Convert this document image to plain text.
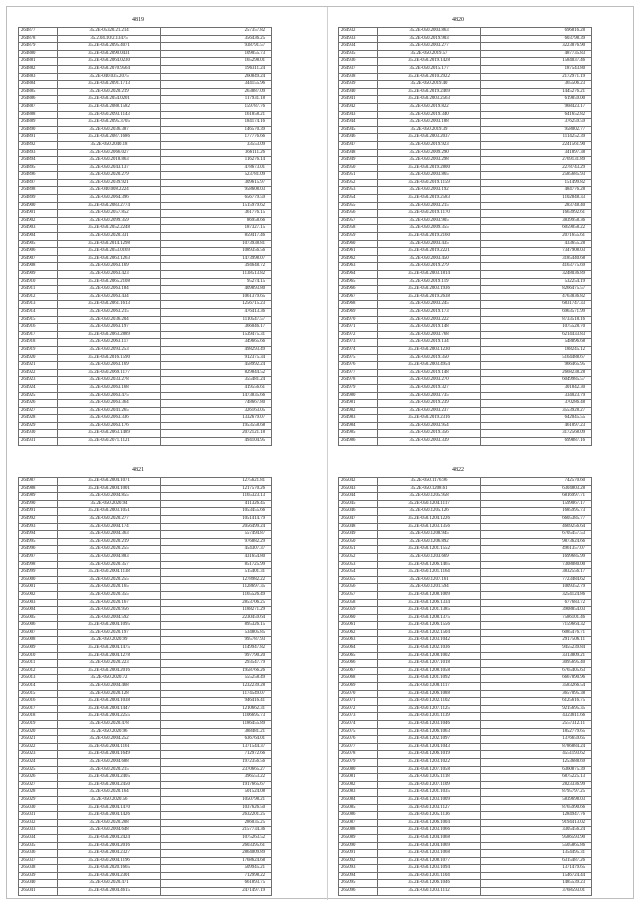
4819
264877	35.2E-05320.21.214	257357.82
264878	35.2.04.10/2.13475	356436.25
264879	35.2E-050.2095.4071	938791.57
264880	35.2E-050.2090.0431	109055.73
264881	35.2E-050.2064.0230	165298.01
264882	35.2E-050.2070.9564	196311.24
264883	35.2E-040.035.2075	260849.24
264884	35.2E-050.2091.1713	344155.96
264885	35.2E-050.2020.219	263887.09
264886	35.2E-050.2054.0201	117931.18
264887	35.2E-050.2088.1582	159787.76
264888	35.2E-050.2093.1143	161858.21
264889	35.2E-050.2095.3705	184174.16
264890	35.2E-050.2036.387	146570.39
264891	35.2E-050.2087.1686	177776.66
264892	35.2E-050.2040.18	33553.09
264893	35.2E-050.2066.027	366111.26
264894	35.2E-050.2018.863	116276.14
264895	35.2E-050.2043.137	478673.01
264896	35.2E-050.2020.279	523781.09
264897	35.2E-050.2039.921	309615.97
264898	35.2E-040.008.2224	958608.03
264899	35.2E-050.2064.396	656779.59
264900	35.2E-050.2083.2774	1515979.62
264901	35.2E-050.2057.852	361776.15
264902	35.2E-050.2099.359	86958.66
264903	35.2E-050.2052.2248	187327.15
264904	35.2E-050.2020.331	859417.46
264905	35.2E-050.2014.1298	1073938.81
264906	35.2E-050.2053.0169	1089356.56
264907	35.2E-050.2063.1263	1473998.07
264908	35.2E-050.2063.169	394648.72
264909	35.2E-050.2063.423	1138513.82
264910	35.2E-050.2065.2108	95274.15
264911	35.2E-050.2063.184	409893.80
264912	35.2E-050.2063.434	1061379.65
264913	35.2E-050.2061.1613	1256715.23
264914	35.2E-050.2063.215	476413.36
264915	35.2E-050.2036.204	1110547.57
264916	35.2E-050.2063.197	366046.17
264917	35.2E-050.2063.2889	1539475.31
264918	35.2E-050.2063.117	349665.66
264919	35.2E-050.2093.253	498293.49
264920	35.2E-050.2016.1590	912375.34
264921	35.2E-050.2063.169	458992.24
264922	35.2E-050.2069.1177	829844.52
264923	35.2E-050.2033.278	355481.24
264924	35.2E-050.2063.168	419556.61
264925	35.2E-050.2063.475	1473835.66
264926	35.2E-050.2063.364	748667.80
264927	35.2E-050.2041.265	326163.05
264928	35.2E-050.2063.336	1332679.07
264929	35.2E-050.2063.176	1953558.68
264930	35.2E-050.2063.1489	2072121.18
264931	35.2E-050.2071.1121	494104.95
4820
264932	35.2E-050.2003.863	696816.28
264933	35.2E-050.2019.903	603798.39
264934	35.2E-050.2003.277	3223876.90
264935	35.2E-050.2019.57	487735.83
264936	35.2E-050.2019.1428	1584037.46
264937	35.2E-050.2015.177	187543.80
264938	35.2E-050.2010.2922	2172971.19
264939	35.2E-050.2019.40	365506.23
264940	35.2E-050.2019.2469	1445276.21
264941	35.2E-050.2003.2563	619859.00
264942	35.2E-050.2019.822	968423.17
264943	35.2E-050.2019.340	641652.82
264944	35.2E-050.2003.188	376259.59
264945	35.2E-050.2019.39	958002.77
264946	35.2E-050.2003.2037	1114252.39
264947	35.2E-050.2019.923	2241561.90
264948	35.2E-050.2009.290	341897.38
264949	35.2E-050.2003.298	2769131.89
264950	35.2E-050.2019.2800	2278743.29
264951	35.2E-050.2003.865	2585685.93
264952	35.2E-050.2019.1159	151499.82
264953	35.2E-050.2003.192	484776.28
264954	35.2E-050.2019.2583	1102848.33
264955	35.2E-050.2003.215	283748.40
264956	35.2E-050.2019.1170	1663992.61
264957	35.2E-050.2003.905	3839958.36
264958	35.2E-050.2009.355	6059058.22
264959	35.2E-050.2019.2160	2071655.61
264960	35.2E-050.2003.435	433655.28
264961	35.2E-050.2019.2221	7347908.03
264962	35.2E-050.2003.450	3185440.68
264963	35.2E-050.2019.279	4163775.69
264964	35.2E-050.2003.1814	3248036.89
264965	35.2E-050.2019.119	532254.19
264966	35.2E-050.2003.1936	8266475.57
264967	35.2E-050.2019.2638	4763836.82
264968	35.2E-050.2003.245	6831747.33
264969	35.2E-050.2019.173	6963571.99
264970	35.2E-050.2003.222	8733518.16
264971	35.2E-050.2019.148	1075528.70
264972	35.2E-050.2003.768	6214433.83
264973	35.2E-050.2019.134	548896.68
264974	35.2E-050.2003.1230	188245.12
264975	35.2E-050.2019.350	5164488.67
264976	35.2E-050.2003.4954	966465.95
264977	35.2E-050.2019.148	2668238.28
264978	35.2E-050.2003.270	6049985.57
264979	35.2E-050.2019.327	301842.30
264980	35.2E-050.2003.735	334023.79
264981	35.2E-050.2019.239	370286.48
264982	35.2E-050.2003.237	3553928.27
264983	35.2E-050.2019.2316	642045.55
264984	35.2E-050.2003.954	461097.23
264985	35.2E-050.2019.356	3172568.09
264986	35.2E-050.2003.339	699887.16
4821
264987	35.2E-050.2004.1071	1275621.81
264988	35.2E-050.2004.1001	1217570.26
264989	35.2E-050.2004.855	1165323.13
264990	35.2E-050.2020.94	411326.45
264991	35.2E-050.2003.1051	1053455.66
264992	35.2E-050.2020.277	1051414.79
264993	35.2E-050.2004.174	2056499.24
264994	35.2E-050.2004.363	557494.87
264995	35.2E-050.2020.219	976882.29
264996	35.2E-050.2020.255	454307.37
264997	35.2E-050.2004.883	431654.80
264998	35.2E-050.2020.357	851725.99
264999	35.2E-050.2004.1138	515401.31
265000	35.2E-050.2020.255	1278982.22
265001	35.2E-050.2020.165	1128697.35
265002	35.2E-050.2020.355	1165526.49
265003	35.2E-050.2020.167	2853706.25
265004	35.2E-050.2020.956	1188271.29
265005	35.2E-050.2004.592	2230459.64
265006	35.2E-050.2004.1095	895326.15
265007	35.2E-050.2020.197	534805.85
265008	35.2E-050.2020.99	995787.93
265009	35.2E-050.2004.1475	1149947.82
265010	35.2E-050.2004.1278	997790.20
265011	35.2E-050.2020.223	293547.79
265012	35.2E-050.2004.2016	1958766.26
265013	35.2E-050.2020.72	555258.49
265014	35.2E-050.2004.468	1232239.28
265015	35.2E-050.2020.128	1174549.07
265016	35.2E-050.2004.1038	946416.41
265017	35.2E-050.2004.1447	1210662.31
265018	35.2E-050.2004.2255	1106695.73
265019	35.2E-050.2020.478	1186455.89
265020	35.2E-050.2020.96	388481.21
265021	35.2E-050.2004.252	636764.01
265022	35.2E-050.2004.1161	1371544.37
265023	35.2E-050.2004.1649	712972.66
265024	35.2E-050.2004.688	1972356.56
265025	35.2E-050.2020.215	2370665.27
265026	35.2E-050.2004.2405	396553.22
265027	35.2E-050.2004.2450	1917665.67
265028	35.2E-050.2020.164	501524.08
265029	35.2E-050.2020.56	1050798.21
265030	35.2E-050.2004.1470	1037626.50
265031	35.2E-050.2004.1426	2632201.25
265032	35.2E-050.2020.208	286035.25
265033	35.2E-050.2004.648	2157734.36
265034	35.2E-050.2004.2424	1075263.52
265035	35.2E-050.2004.2016	2603395.61
265036	35.2E-050.2004.2327	2864009.89
265037	35.2E-050.2004.1196	1768624.68
265038	35.2E-050.2020.1665	509945.21
265039	35.2E-050.2004.2301	712998.22
265040	35.2E-050.2020.471	661893.75
265041	35.2E-050.2004.4615	2471497.19
4822
265042	35.2E-050.1176.96	742570.60
265043	35.2E-050.1208.61	6304803.28
265044	35.2E-050.1205.958	6816997.71
265045	35.2E-050.1204.1117	1599067.17
265046	35.2E-050.1205.126	1685995.73
265047	35.2E-050.1204.1226	6605385.77
265048	35.2E-050.1203.1356	4669256.64
265049	35.2E-050.1208.945	6705457.53
265050	35.2E-050.1206.892	9873624.66
265051	35.2E-050.1201.1552	4961357.07
265052	35.2E-050.1203.669	1699685.99
265053	35.2E-050.1206.1465	7308080.00
265054	35.2E-050.1201.1164	3832556.17
265055	35.2E-050.1207.161	7723484.62
265056	35.2E-050.1201.594	1009352.79
265057	35.2E-050.1208.1009	3254124.86
265058	35.2E-050.1206.1334	677683.72
265059	35.2E-050.1201.1385	3908854.03
265060	35.2E-050.1208.1375	7586101.46
265061	35.2E-050.1206.1556	7159664.32
265062	35.2E-050.1202.1504	6085476.71
265063	35.2E-050.1203.1042	2917506.11
265064	35.2E-050.1202.1036	9455239.84
265065	35.2E-050.1208.1002	3313809.21
265066	35.2E-050.1207.1018	3095695.40
265067	35.2E-050.1208.1058	6765405.63
265068	35.2E-050.1201.1092	6667890.96
265069	35.2E-050.1208.1117	3583266.54
265070	35.2E-050.1206.1088	3657095.38
265071	35.2E-050.1202.1102	6125616.75
265072	35.2E-050.1207.1125	9215695.35
265073	35.2E-050.1201.1139	4323811.66
265074	35.2E-050.1203.1046	2557312.11
265075	35.2E-050.1206.1063	1852779.65
265076	35.2E-050.1202.1097	1376659.65
265077	35.2E-050.1204.1043	8786884.24
265078	35.2E-050.1206.1019	4551193.62
265079	35.2E-050.1203.1022	1253688.69
265080	35.2E-050.1207.1058	6360875.39
265081	35.2E-050.1205.1118	6875225.13
265082	35.2E-050.1207.1109	2823336.99
265083	35.2E-050.1201.1035	8795797.25
265084	35.2E-050.1203.1009	5839698.03
265085	35.2E-050.1203.1127	8765990.66
265086	35.2E-050.1205.1136	1284947.76
265087	35.2E-050.1206.1004	9194413.02
265088	35.2E-050.1203.1066	3305456.24
265089	35.2E-050.1204.1068	9586593.90
265090	35.2E-050.1204.1069	5505865.86
265091	35.2E-050.1203.1068	1354495.31
265092	35.2E-050.1208.1077	6315487.26
265093	35.2E-050.1203.1094	1371479.65
265094	35.2E-050.1201.1104	1546724.44
265095	35.2E-050.1206.1046	1485539.23
265096	35.2E-050.1203.1112	3768593.01
